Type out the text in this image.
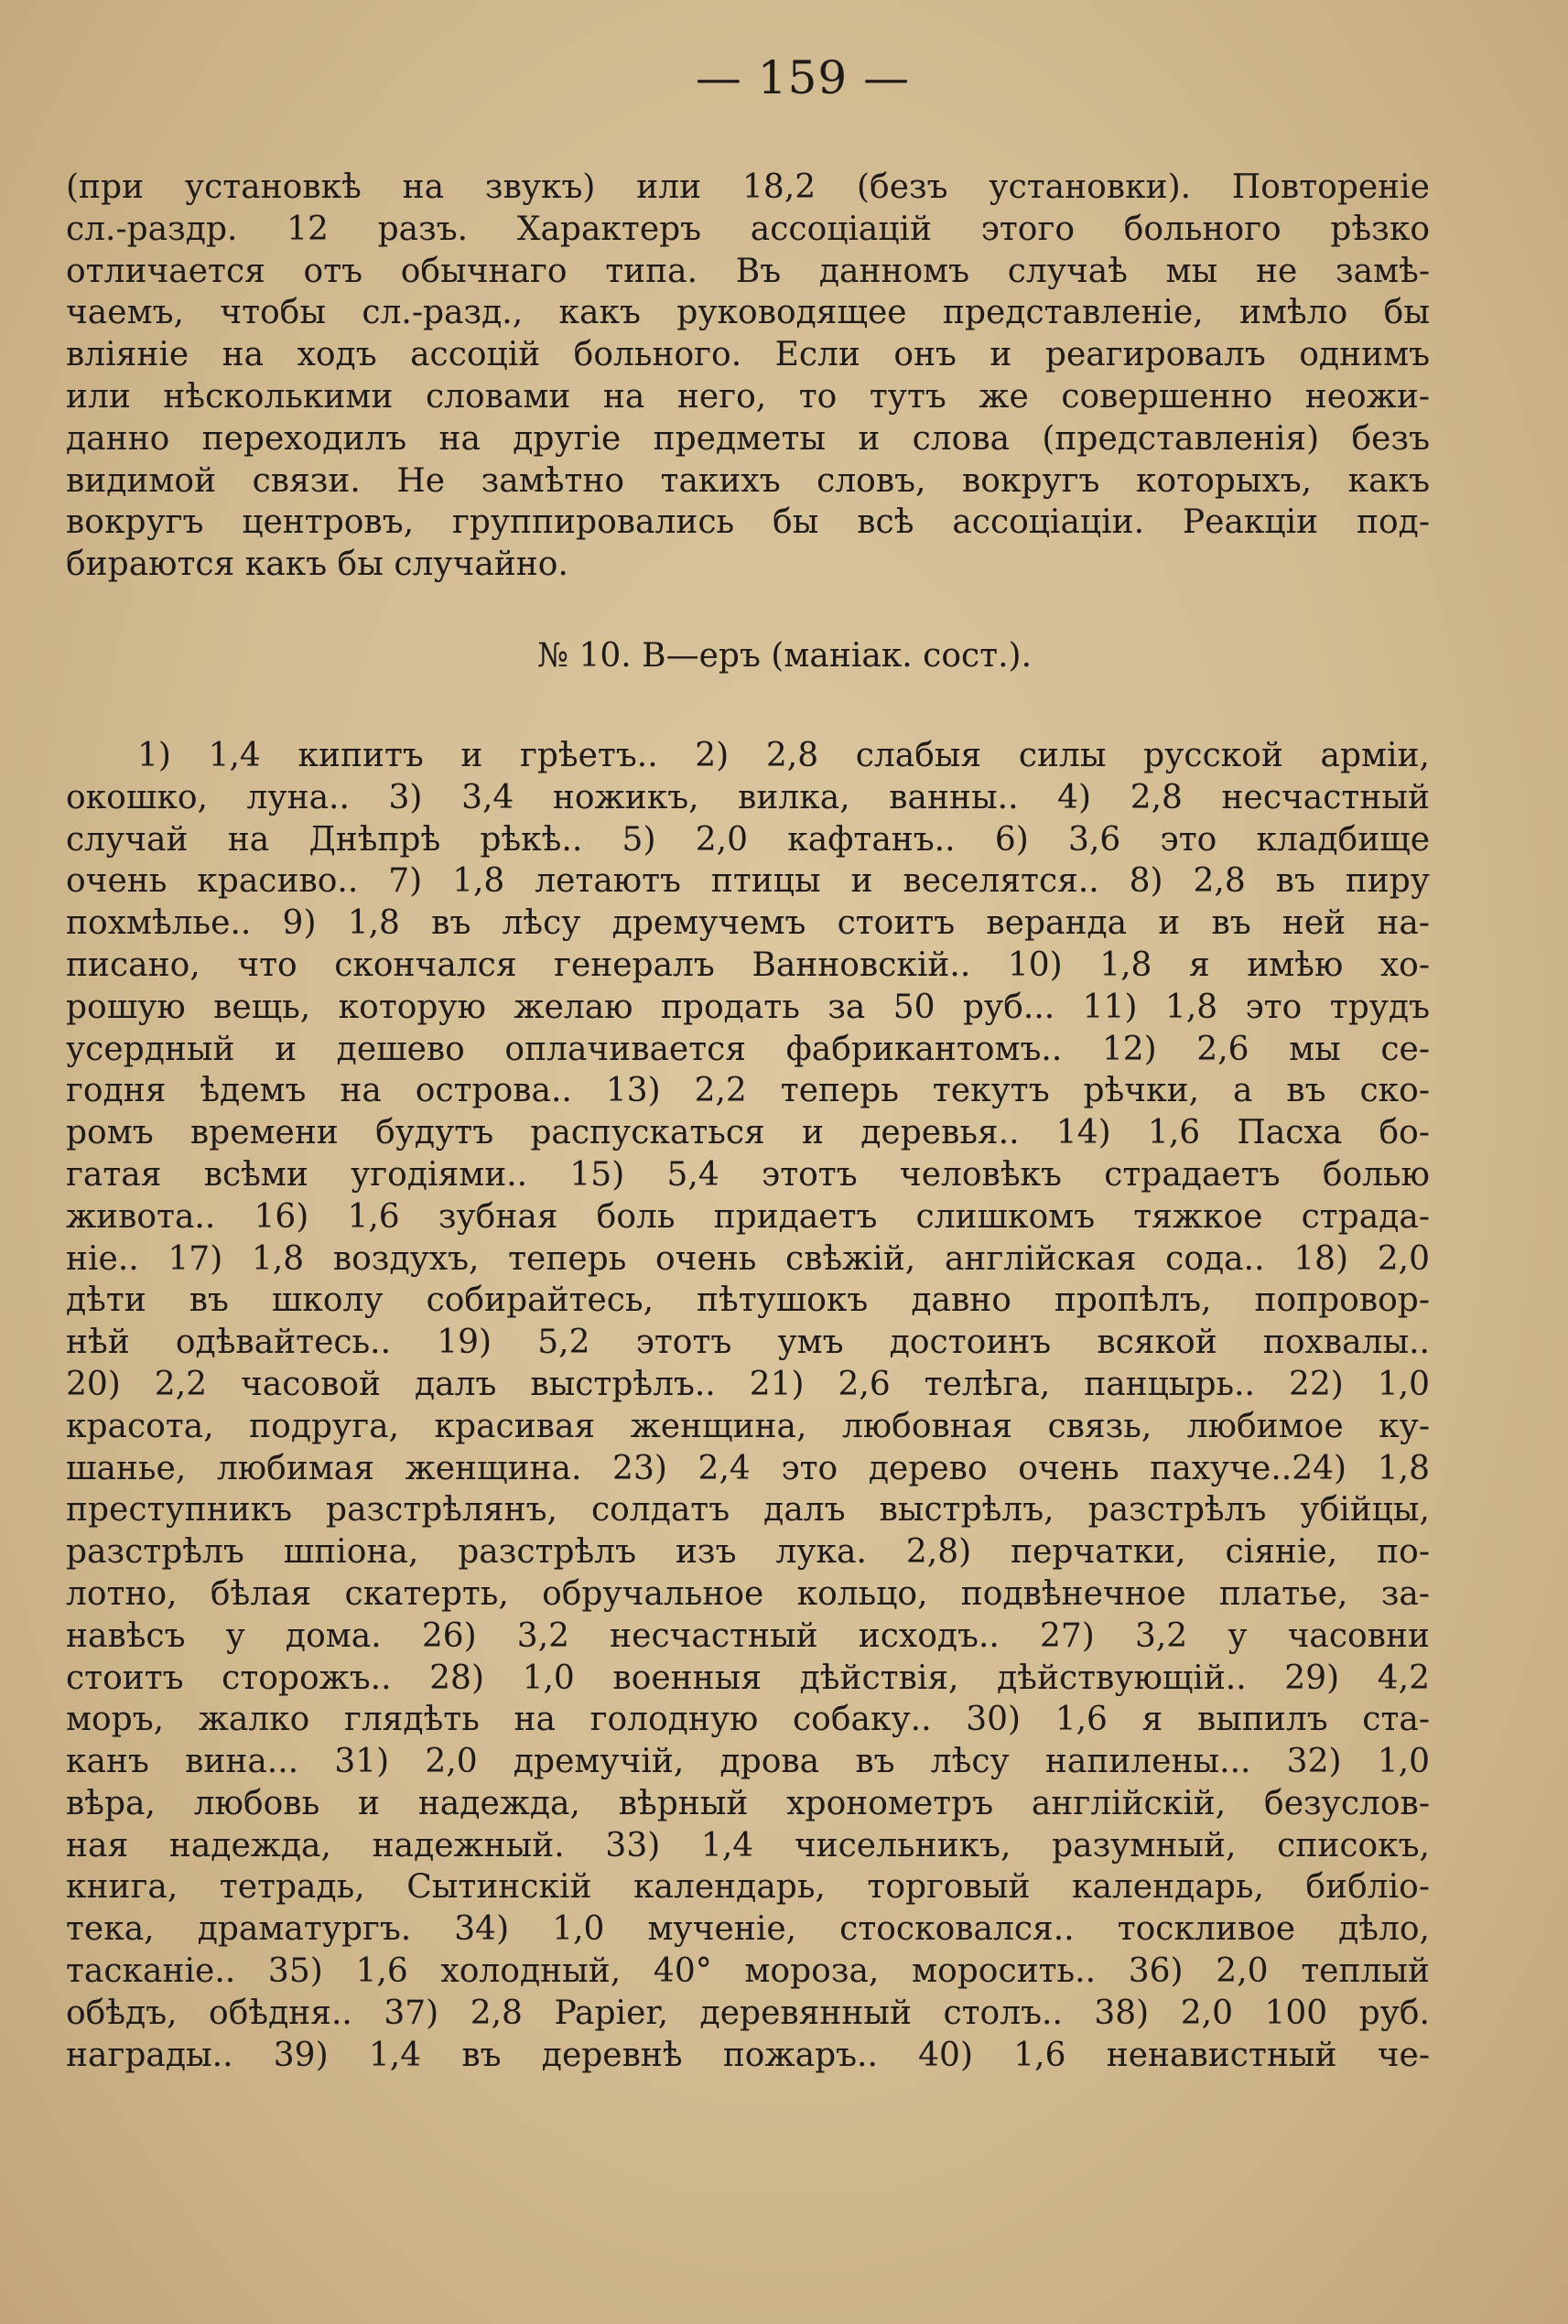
— 159 —
(при установкѣ на звукъ) или 18,2 (безъ установки). Повтореніе
сл.-раздр. 12 разъ. Характеръ ассоціацій этого больного рѣзко
отличается отъ обычнаго типа. Въ данномъ случаѣ мы не замѣ-
чаемъ, чтобы сл.-разд., какъ руководящее представленіе, имѣло бы
вліяніе на ходъ ассоцій больного. Если онъ и реагировалъ однимъ
или нѣсколькими словами на него, то тутъ же совершенно неожи-
данно переходилъ на другіе предметы и слова (представленія) безъ
видимой связи. Не замѣтно такихъ словъ, вокругъ которыхъ, какъ
вокругъ центровъ, группировались бы всѣ ассоціаціи. Реакціи под-
бираются какъ бы случайно.
№ 10. В—еръ (маніак. сост.).
1) 1,4 кипитъ и грѣетъ.. 2) 2,8 слабыя силы русской арміи,
окошко, луна.. 3) 3,4 ножикъ, вилка, ванны.. 4) 2,8 несчастный
случай на Днѣпрѣ рѣкѣ.. 5) 2,0 кафтанъ.. 6) 3,6 это кладбище
очень красиво.. 7) 1,8 летаютъ птицы и веселятся.. 8) 2,8 въ пиру
похмѣлье.. 9) 1,8 въ лѣсу дремучемъ стоитъ веранда и въ ней на-
писано, что скончался генералъ Ванновскій.. 10) 1,8 я имѣю хо-
рошую вещь, которую желаю продать за 50 руб... 11) 1,8 это трудъ
усердный и дешево оплачивается фабрикантомъ.. 12) 2,6 мы се-
годня ѣдемъ на острова.. 13) 2,2 теперь текутъ рѣчки, а въ ско-
ромъ времени будутъ распускаться и деревья.. 14) 1,6 Пасха бо-
гатая всѣми угодіями.. 15) 5,4 этотъ человѣкъ страдаетъ болью
живота.. 16) 1,6 зубная боль придаетъ слишкомъ тяжкое страда-
ніе.. 17) 1,8 воздухъ, теперь очень свѣжій, англійская сода.. 18) 2,0
дѣти въ школу собирайтесь, пѣтушокъ давно пропѣлъ, попровор-
нѣй одѣвайтесь.. 19) 5,2 этотъ умъ достоинъ всякой похвалы..
20) 2,2 часовой далъ выстрѣлъ.. 21) 2,6 телѣга, панцырь.. 22) 1,0
красота, подруга, красивая женщина, любовная связь, любимое ку-
шанье, любимая женщина. 23) 2,4 это дерево очень пахуче..24) 1,8
преступникъ разстрѣлянъ, солдатъ далъ выстрѣлъ, разстрѣлъ убійцы,
разстрѣлъ шпіона, разстрѣлъ изъ лука. 2,8) перчатки, сіяніе, по-
лотно, бѣлая скатерть, обручальное кольцо, подвѣнечное платье, за-
навѣсъ у дома. 26) 3,2 несчастный исходъ.. 27) 3,2 у часовни
стоитъ сторожъ.. 28) 1,0 военныя дѣйствія, дѣйствующій.. 29) 4,2
моръ, жалко глядѣть на голодную собаку.. 30) 1,6 я выпилъ ста-
канъ вина... 31) 2,0 дремучій, дрова въ лѣсу напилены... 32) 1,0
вѣра, любовь и надежда, вѣрный хронометръ англійскій, безуслов-
ная надежда, надежный. 33) 1,4 чисельникъ, разумный, списокъ,
книга, тетрадь, Сытинскій календарь, торговый календарь, библіо-
тека, драматургъ. 34) 1,0 мученіе, стосковался.. тоскливое дѣло,
тасканіе.. 35) 1,6 холодный, 40° мороза, моросить.. 36) 2,0 теплый
обѣдъ, обѣдня.. 37) 2,8 Papier, деревянный столъ.. 38) 2,0 100 руб.
награды.. 39) 1,4 въ деревнѣ пожаръ.. 40) 1,6 ненавистный че-
